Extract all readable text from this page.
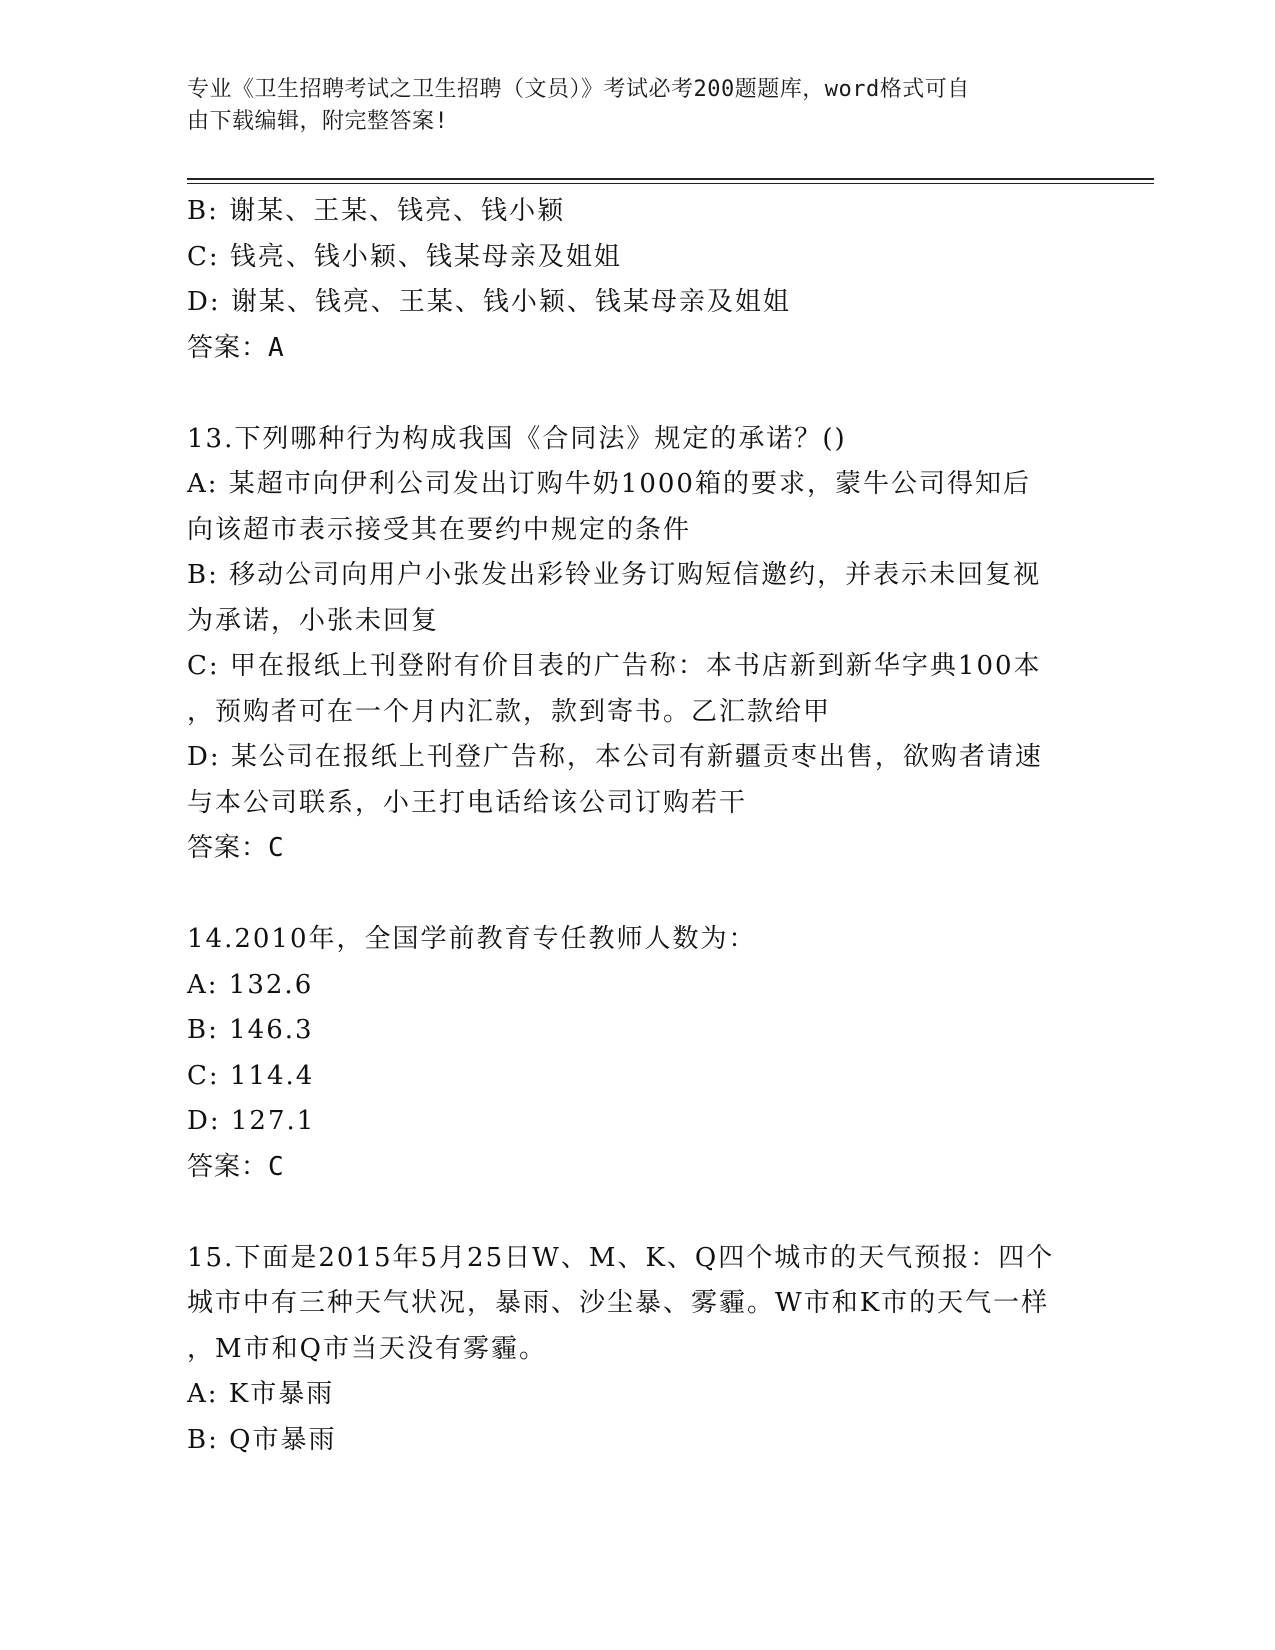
专业《卫生招聘考试之卫生招聘（文员）》考试必考200题题库，word格式可自
由下载编辑，附完整答案!
B: 谢某、王某、钱亮、钱小颖
C: 钱亮、钱小颖、钱某母亲及姐姐
D: 谢某、钱亮、王某、钱小颖、钱某母亲及姐姐
答案：A
13.下列哪种行为构成我国《合同法》规定的承诺？()
A: 某超市向伊利公司发出订购牛奶1000箱的要求，蒙牛公司得知后
向该超市表示接受其在要约中规定的条件
B: 移动公司向用户小张发出彩铃业务订购短信邀约，并表示未回复视
为承诺，小张未回复
C: 甲在报纸上刊登附有价目表的广告称：本书店新到新华字典100本
，预购者可在一个月内汇款，款到寄书。乙汇款给甲
D: 某公司在报纸上刊登广告称，本公司有新疆贡枣出售，欲购者请速
与本公司联系，小王打电话给该公司订购若干
答案：C
14.2010年，全国学前教育专任教师人数为：
A: 132.6
B: 146.3
C: 114.4
D: 127.1
答案：C
15.下面是2015年5月25日W、M、K、Q四个城市的天气预报：四个
城市中有三种天气状况，暴雨、沙尘暴、雾霾。W市和K市的天气一样
，M市和Q市当天没有雾霾。
A: K市暴雨
B: Q市暴雨
